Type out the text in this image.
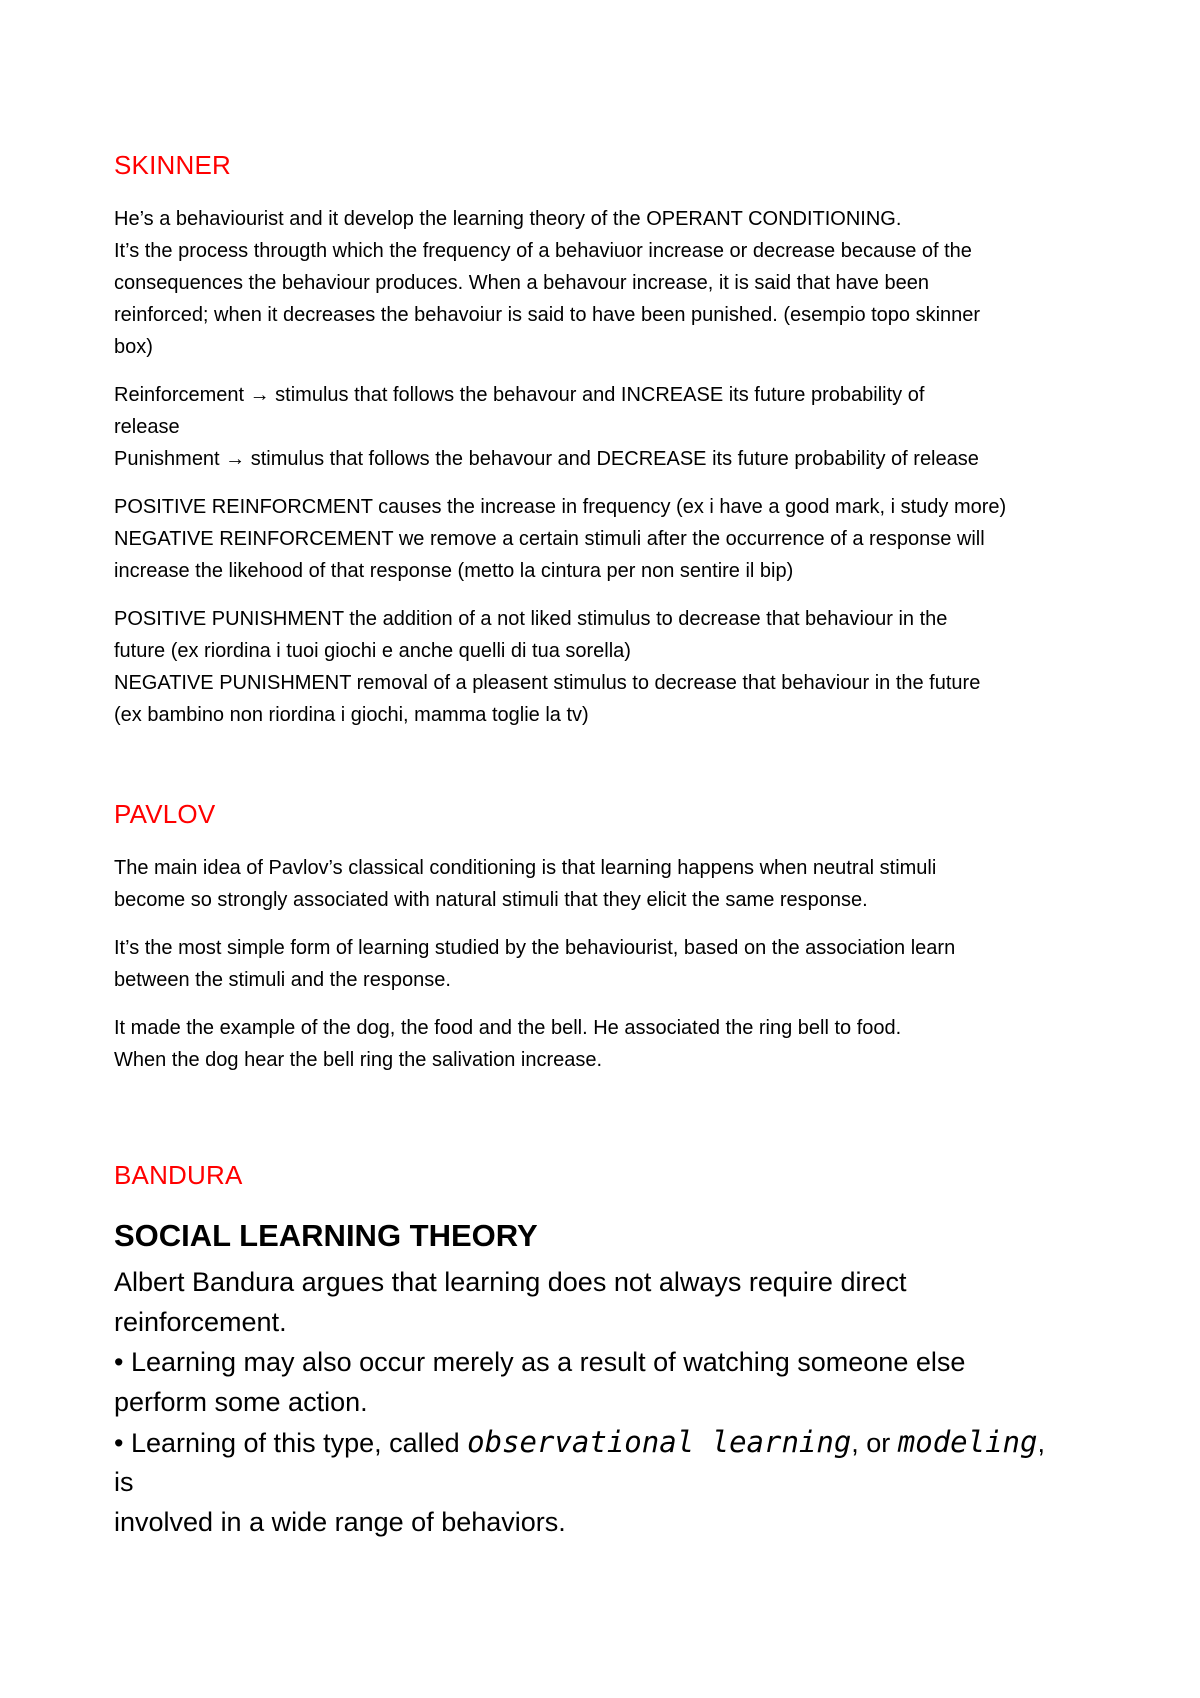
SKINNER
He’s a behaviourist and it develop the learning theory of the OPERANT CONDITIONING.
It’s the process througth which the frequency of a behaviuor increase or decrease because of the
consequences the behaviour produces. When a behavour increase, it is said that have been
reinforced; when it decreases the behavoiur is said to have been punished. (esempio topo skinner
box)
Reinforcement → stimulus that follows the behavour and INCREASE its future probability of
release
Punishment → stimulus that follows the behavour and DECREASE its future probability of release
POSITIVE REINFORCMENT causes the increase in frequency (ex i have a good mark, i study more)
NEGATIVE REINFORCEMENT we remove a certain stimuli after the occurrence of a response will
increase the likehood of that response (metto la cintura per non sentire il bip)
POSITIVE PUNISHMENT the addition of a not liked stimulus to decrease that behaviour in the
future (ex riordina i tuoi giochi e anche quelli di tua sorella)
NEGATIVE PUNISHMENT removal of a pleasent stimulus to decrease that behaviour in the future
(ex bambino non riordina i giochi, mamma toglie la tv)
PAVLOV
The main idea of Pavlov’s classical conditioning is that learning happens when neutral stimuli
become so strongly associated with natural stimuli that they elicit the same response.
It’s the most simple form of learning studied by the behaviourist, based on the association learn
between the stimuli and the response.
It made the example of the dog, the food and the bell. He associated the ring bell to food.
When the dog hear the bell ring the salivation increase.
BANDURA
SOCIAL LEARNING THEORY
Albert Bandura argues that learning does not always require direct
reinforcement.
• Learning may also occur merely as a result of watching someone else
perform some action.
• Learning of this type, called observational learning, or modeling,
is
involved in a wide range of behaviors.
